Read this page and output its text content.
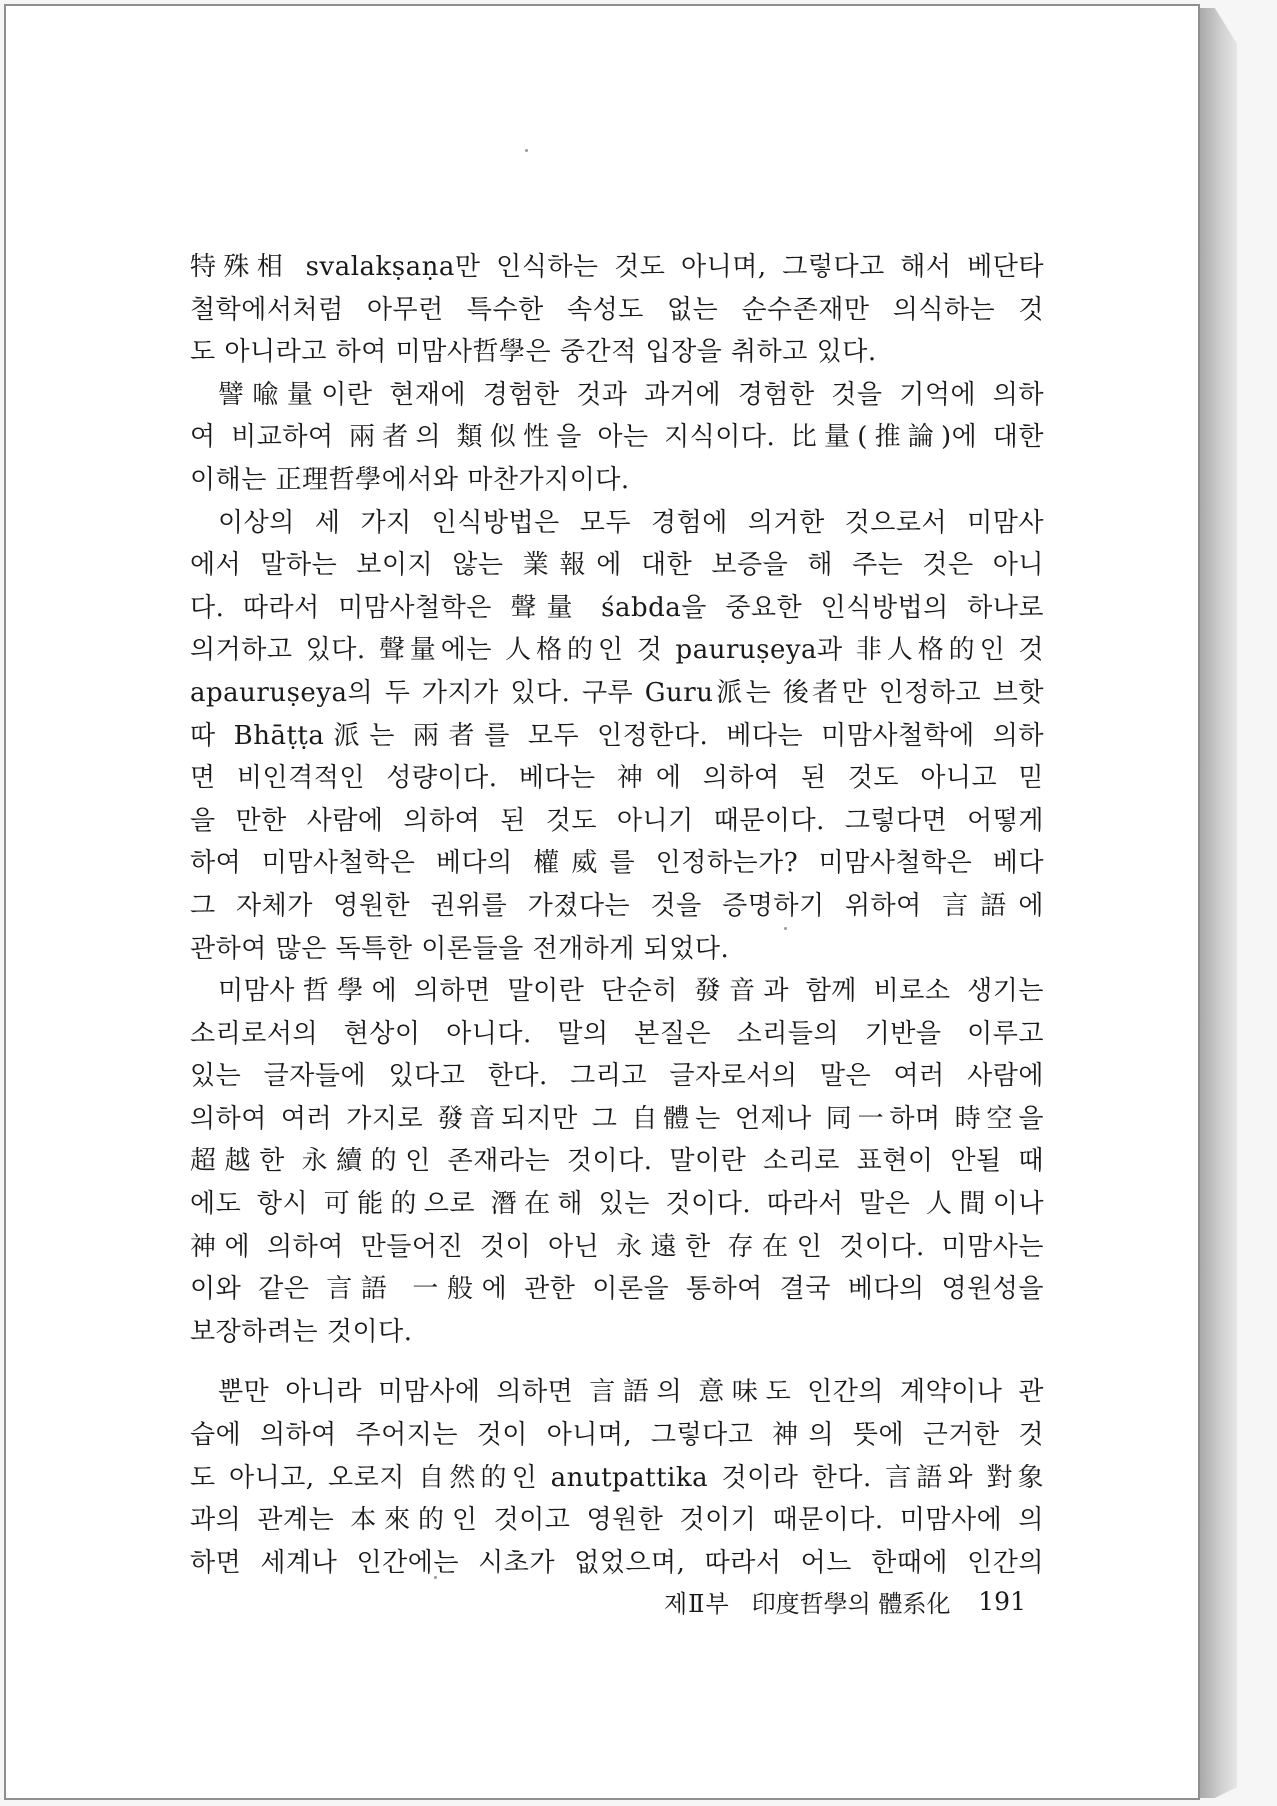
特殊相 svalakṣaṇa만 인식하는 것도 아니며, 그렇다고 해서 베단타
철학에서처럼 아무런 특수한 속성도 없는 순수존재만 의식하는 것
도 아니라고 하여 미맘사哲學은 중간적 입장을 취하고 있다.
譬喩量이란 현재에 경험한 것과 과거에 경험한 것을 기억에 의하
여 비교하여 兩者의 類似性을 아는 지식이다. 比量(推論)에 대한
이해는 正理哲學에서와 마찬가지이다.
이상의 세 가지 인식방법은 모두 경험에 의거한 것으로서 미맘사
에서 말하는 보이지 않는 業報에 대한 보증을 해 주는 것은 아니
다. 따라서 미맘사철학은 聲量 śabda을 중요한 인식방법의 하나로
의거하고 있다. 聲量에는 人格的인 것 pauruṣeya과 非人格的인 것
apauruṣeya의 두 가지가 있다. 구루 Guru派는 後者만 인정하고 브핫
따 Bhāṭṭa派는 兩者를 모두 인정한다. 베다는 미맘사철학에 의하
면 비인격적인 성량이다. 베다는 神에 의하여 된 것도 아니고 믿
을 만한 사람에 의하여 된 것도 아니기 때문이다. 그렇다면 어떻게
하여 미맘사철학은 베다의 權威를 인정하는가? 미맘사철학은 베다
그 자체가 영원한 권위를 가졌다는 것을 증명하기 위하여 言語에
관하여 많은 독특한 이론들을 전개하게 되었다.
미맘사哲學에 의하면 말이란 단순히 發音과 함께 비로소 생기는
소리로서의 현상이 아니다. 말의 본질은 소리들의 기반을 이루고
있는 글자들에 있다고 한다. 그리고 글자로서의 말은 여러 사람에
의하여 여러 가지로 發音되지만 그 自體는 언제나 同一하며 時空을
超越한 永續的인 존재라는 것이다. 말이란 소리로 표현이 안될 때
에도 항시 可能的으로 潛在해 있는 것이다. 따라서 말은 人間이나
神에 의하여 만들어진 것이 아닌 永遠한 存在인 것이다. 미맘사는
이와 같은 言語 一般에 관한 이론을 통하여 결국 베다의 영원성을
보장하려는 것이다.
뿐만 아니라 미맘사에 의하면 言語의 意味도 인간의 계약이나 관
습에 의하여 주어지는 것이 아니며, 그렇다고 神의 뜻에 근거한 것
도 아니고, 오로지 自然的인 anutpattika 것이라 한다. 言語와 對象
과의 관계는 本來的인 것이고 영원한 것이기 때문이다. 미맘사에 의
하면 세계나 인간에는 시초가 없었으며, 따라서 어느 한때에 인간의
제Ⅱ부 印度哲學의 體系化 191
